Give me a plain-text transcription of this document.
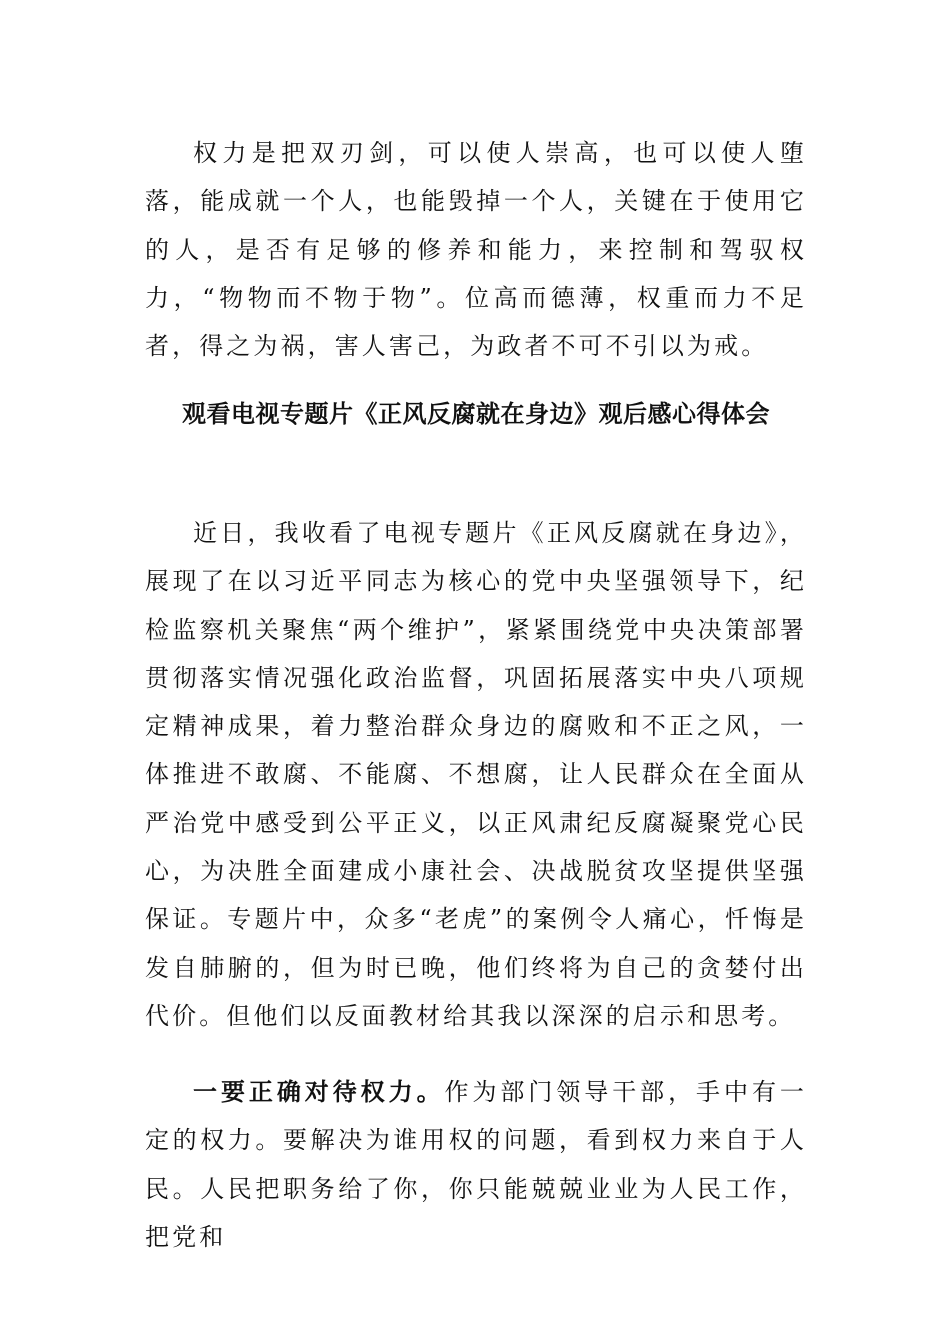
权力是把双刃剑，可以使人崇高，也可以使人堕落，能成就一个人，也能毁掉一个人，关键在于使用它的人，是否有足够的修养和能力，来控制和驾驭权力，“物物而不物于物”。位高而德薄，权重而力不足者，得之为祸，害人害己，为政者不可不引以为戒。

观看电视专题片《正风反腐就在身边》观后感心得体会

近日，我收看了电视专题片《正风反腐就在身边》，展现了在以习近平同志为核心的党中央坚强领导下，纪检监察机关聚焦“两个维护”，紧紧围绕党中央决策部署贯彻落实情况强化政治监督，巩固拓展落实中央八项规定精神成果，着力整治群众身边的腐败和不正之风，一体推进不敢腐、不能腐、不想腐，让人民群众在全面从严治党中感受到公平正义，以正风肃纪反腐凝聚党心民心，为决胜全面建成小康社会、决战脱贫攻坚提供坚强保证。专题片中，众多“老虎”的案例令人痛心，忏悔是发自肺腑的，但为时已晚，他们终将为自己的贪婪付出代价。但他们以反面教材给其我以深深的启示和思考。

一要正确对待权力。作为部门领导干部，手中有一定的权力。要解决为谁用权的问题，看到权力来自于人民。人民把职务给了你，你只能兢兢业业为人民工作，把党和
